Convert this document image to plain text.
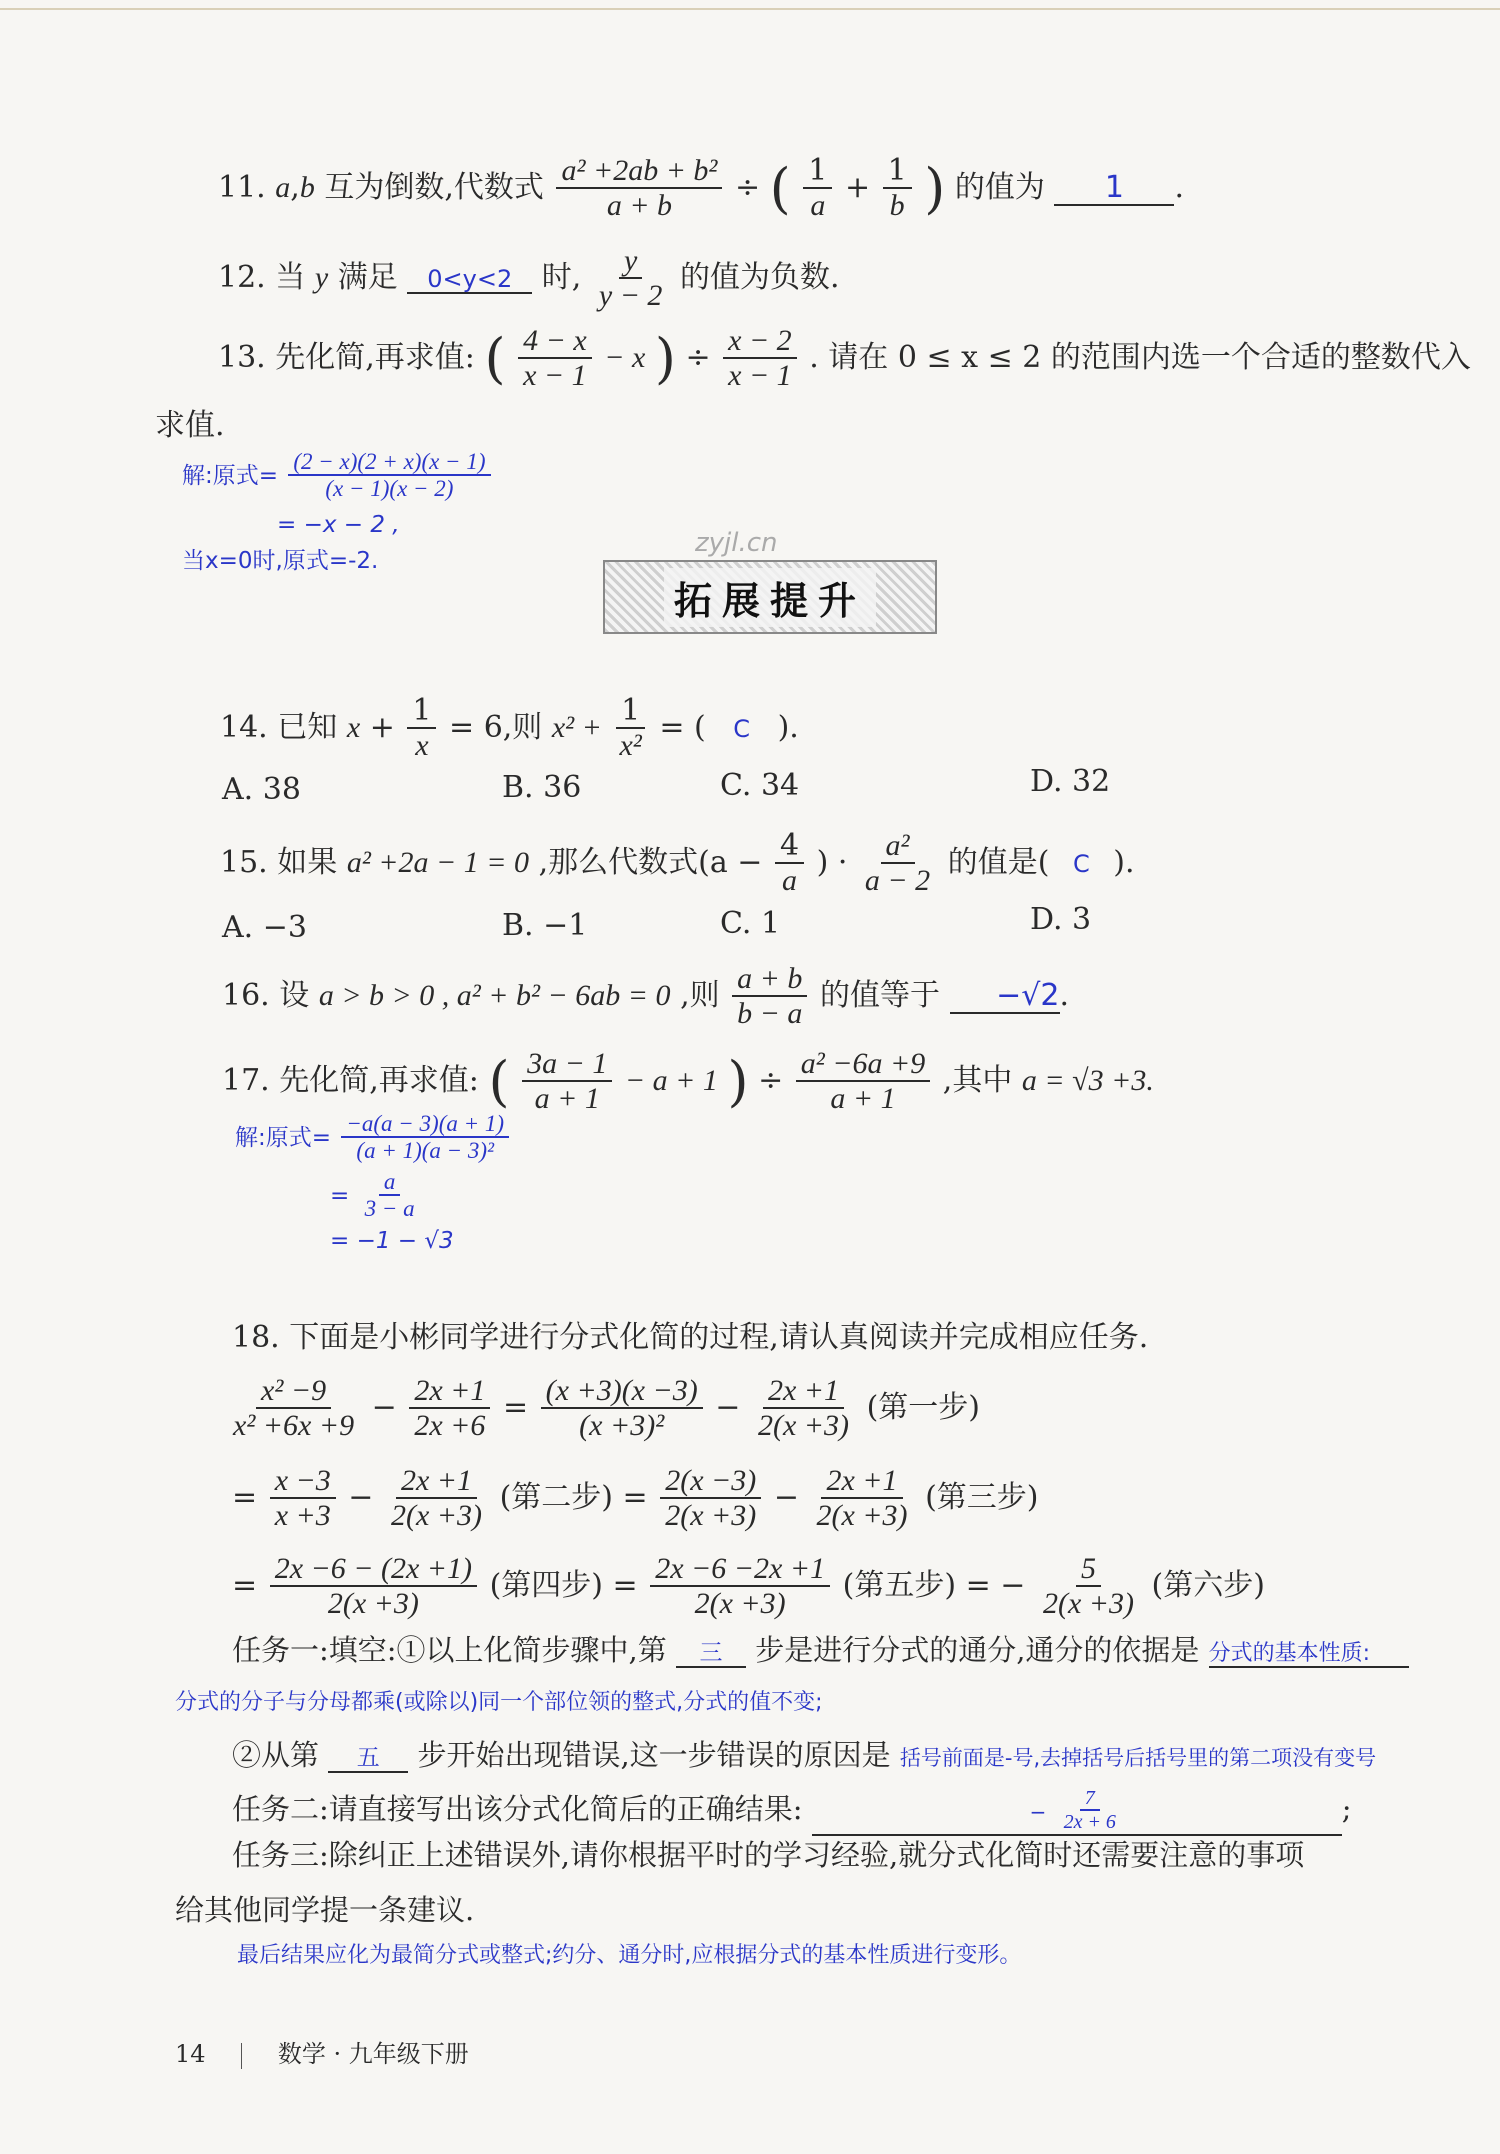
11. a,b 互为倒数,代数式 $\frac{\text{a² +2ab + b²}}{a + b}$ ÷ ( $\frac{1}{a} + \frac{1}{b}$ ) 的值为 1 .
12. 当 y 满足 0<y<2 时, $\frac{y}{y - 2}$ 的值为负数.
13. 先化简,再求值: ( $\frac{4 - x}{x - 1} - x$ ) ÷ $\frac{x - 2}{x - 1}$ . 请在 0 ≤ x ≤ 2 的范围内选一个合适的整数代入
求值.
解:原式= $\frac{(2 - x)(2 + x)(x - 1)}{(x - 1)(x - 2)}$
= −x − 2 ,
当x=0时,原式=-2.
zyjl.cn
拓展提升
14. 已知 $x + \frac{1}{x} = 6$,则 $x^2 + \frac{1}{\text{x²}}$ = ( C ).
A. 38	B. 36	C. 34	D. 32
15. 如果 a² +2a − 1 = 0 ,那么代数式($a - \frac{4}{a}$ ) · $\frac{\text{a²}}{a - 2}$ 的值是( C ).
A. −3	B. −1	C. 1	D. 3
16. 设 a > b > 0 , a² + b² − 6ab = 0 ,则 $\frac{a + b}{b - a}$ 的值等于 −√2.
17. 先化简,再求值: ( $\frac{3a - 1}{a + 1} - a + 1$ ) ÷ $\frac{\text{a² −6a +9}}{a + 1}$ ,其中 a = √3 +3.
解:原式= $\frac{-a(a - 3)(a + 1)}{\text{(a + 1)(a − 3)²}}$
= $\frac{a}{3 - a}$
= −1 − √3
18. 下面是小彬同学进行分式化简的过程,请认真阅读并完成相应任务.
$\frac{\text{x² −9}}{\text{x² +6x +9}} - \frac{2x +1}{2x +6} = \frac{(x +3)(x -3)}{\text{(x +3)²}} - \frac{2x +1}{2(x +3)}$ (第一步)
= $\frac{x -3}{x +3} - \frac{2x +1}{2(x +3)}$ (第二步) = $\frac{2(x -3)}{2(x +3)} - \frac{2x +1}{2(x +3)}$ (第三步)
= $\frac{2x -6 - (2x +1)}{2(x +3)}$ (第四步) = $\frac{2x -6 -2x +1}{2(x +3)}$ (第五步) = − $\frac{5}{2(x +3)}$ (第六步)
任务一:填空:①以上化简步骤中,第 三 步是进行分式的通分,通分的依据是 分式的基本性质:
分式的分子与分母都乘(或除以)同一个部位领的整式,分式的值不变;
②从第 五 步开始出现错误,这一步错误的原因是 括号前面是-号,去掉括号后括号里的第二项没有变号
任务二:请直接写出该分式化简后的正确结果:	− $\frac{7}{2x + 6}$	;
任务三:除纠正上述错误外,请你根据平时的学习经验,就分式化简时还需要注意的事项
给其他同学提一条建议.
最后结果应化为最简分式或整式;约分、通分时,应根据分式的基本性质进行变形。
14	数学 · 九年级下册
